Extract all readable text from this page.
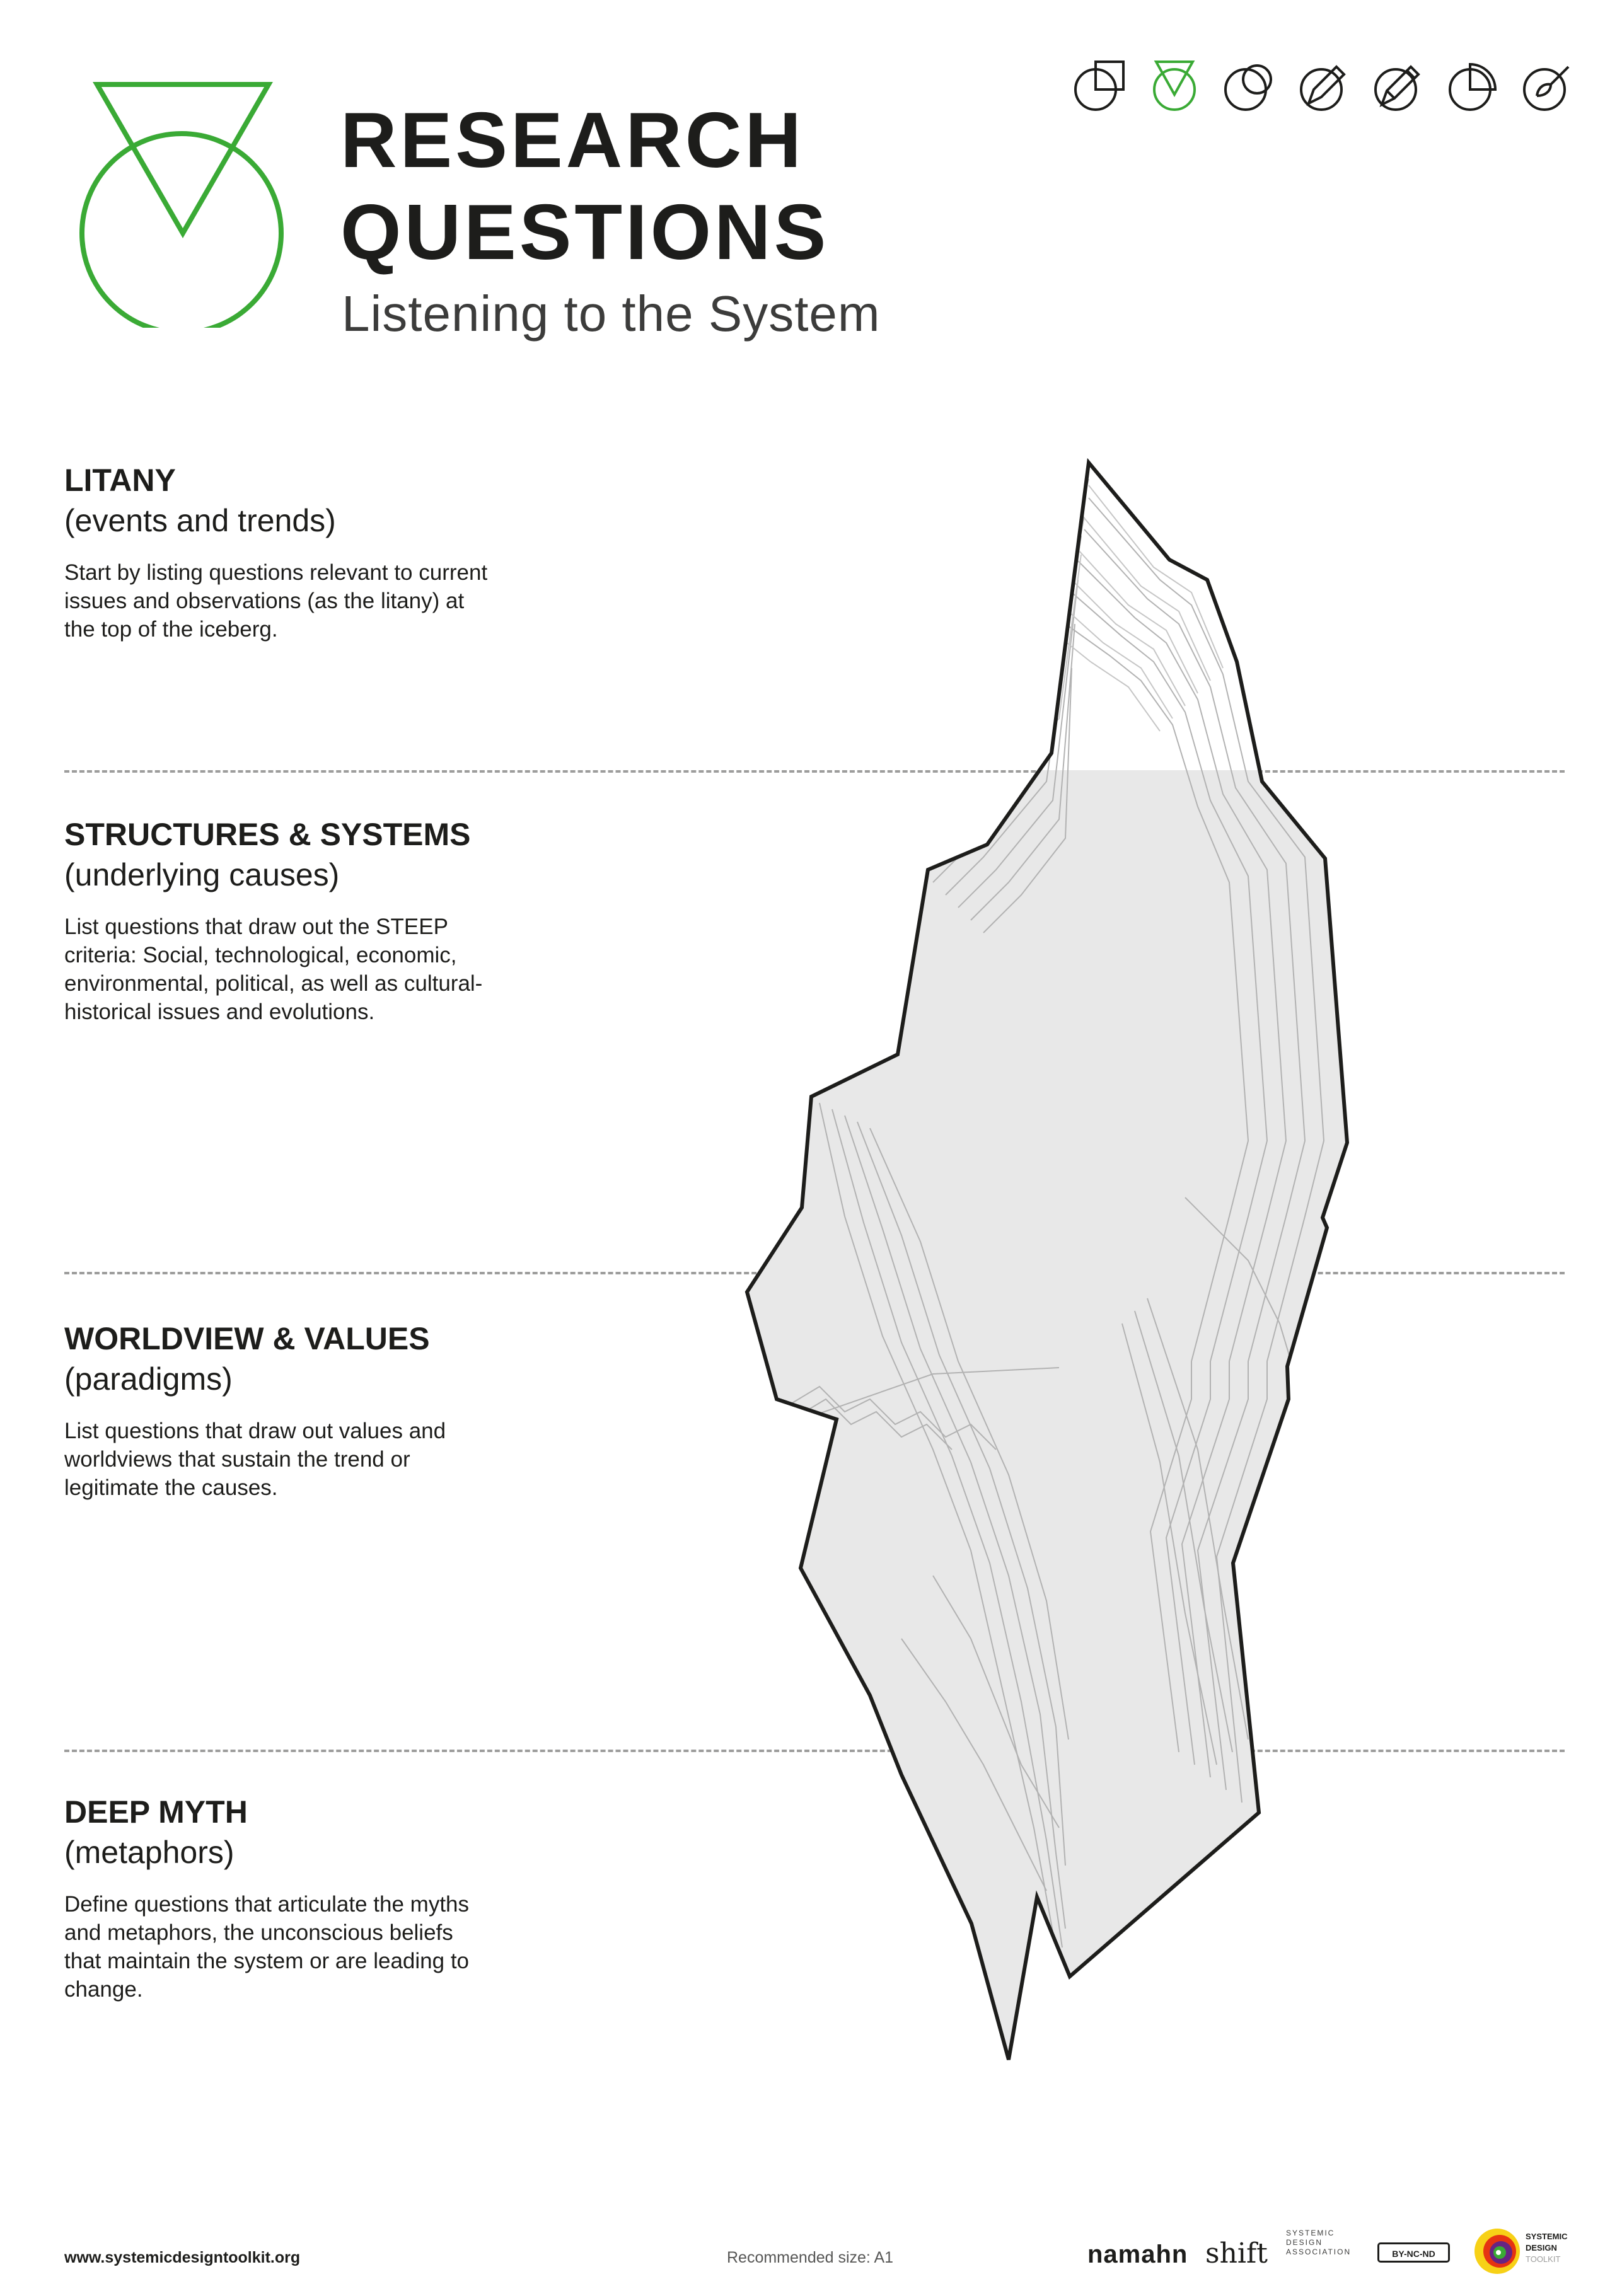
RESEARCH
QUESTIONS
Listening to the System
LITANY
(events and trends)

Start by listing questions relevant to current issues and observations (as the litany) at the top of the iceberg.

STRUCTURES & SYSTEMS
(underlying causes)

List questions that draw out the STEEP criteria: Social, technological, economic, environmental, political, as well as cultural-historical issues and evolutions.

WORLDVIEW & VALUES
(paradigms)

List questions that draw out values and worldviews that sustain the trend or legitimate the causes.

DEEP MYTH
(metaphors)

Define questions that articulate the myths and metaphors, the unconscious beliefs that maintain the system or are leading to change.

www.systemicdesigntoolkit.org	Recommended size: A1	namahn shift
SYSTEMIC DESIGN ASSOCIATION	BY-NC-ND
SYSTEMIC
DESIGN
TOOLKIT
